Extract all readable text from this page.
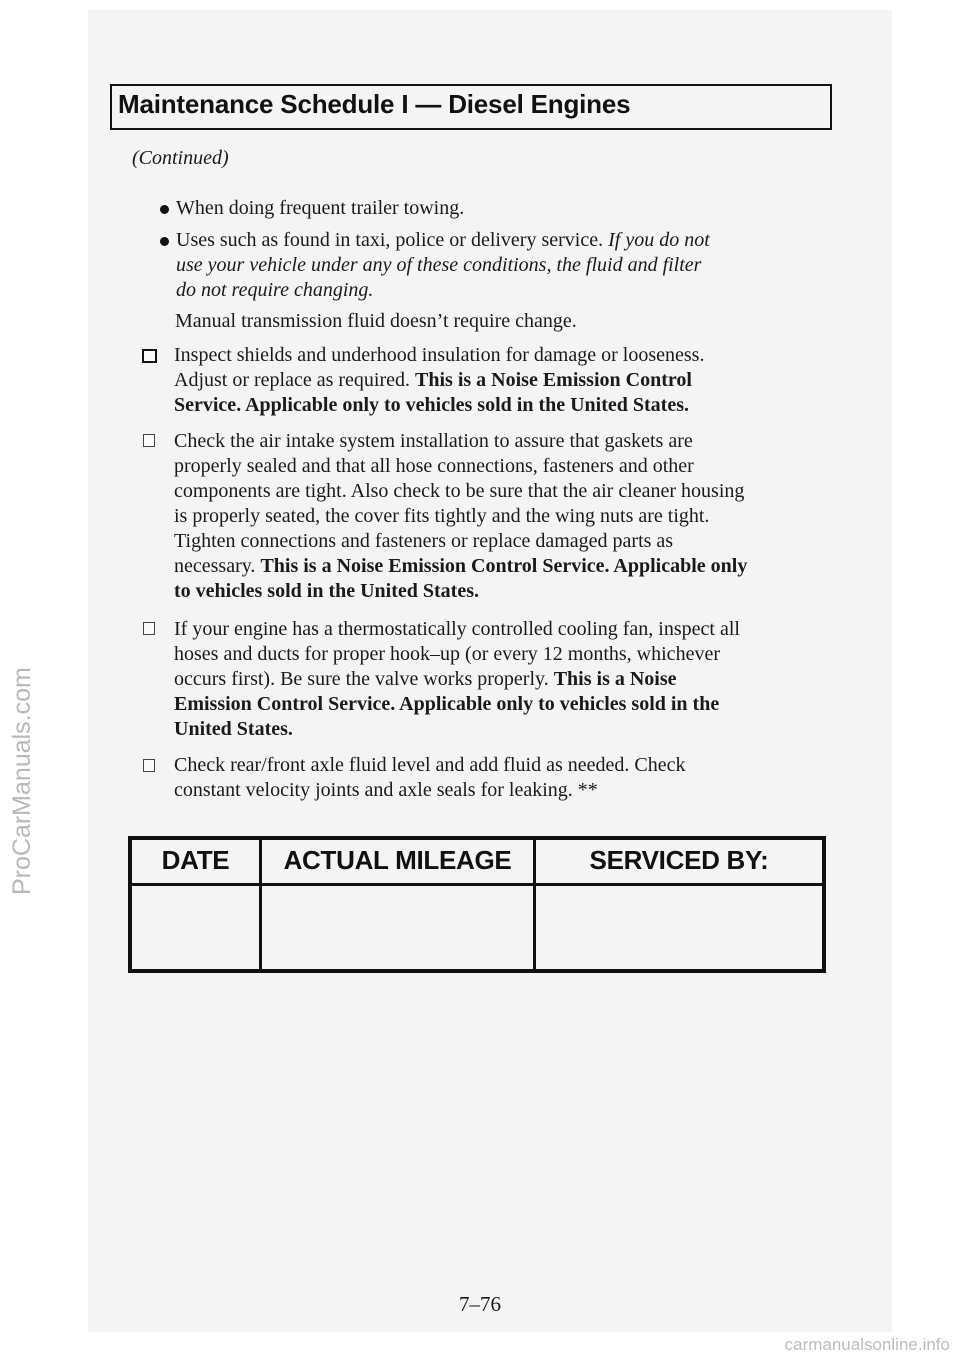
Maintenance Schedule I — Diesel Engines
(Continued)
When doing frequent trailer towing.
Uses such as found in taxi, police or delivery service. If you do not
use your vehicle under any of these conditions, the fluid and filter
do not require changing.
Manual transmission fluid doesn’t require change.
Inspect shields and underhood insulation for damage or looseness.
Adjust or replace as required. This is a Noise Emission Control
Service. Applicable only to vehicles sold in the United States.
Check the air intake system installation to assure that gaskets are
properly sealed and that all hose connections, fasteners and other
components are tight. Also check to be sure that the air cleaner housing
is properly seated, the cover fits tightly and the wing nuts are tight.
Tighten connections and fasteners or replace damaged parts as
necessary. This is a Noise Emission Control Service. Applicable only
to vehicles sold in the United States.
If your engine has a thermostatically controlled cooling fan, inspect all
hoses and ducts for proper hook–up (or every 12 months, whichever
occurs first). Be sure the valve works properly. This is a Noise
Emission Control Service. Applicable only to vehicles sold in the
United States.
Check rear/front axle fluid level and add fluid as needed. Check
constant velocity joints and axle seals for leaking. **
DATE	ACTUAL MILEAGE	SERVICED BY:
7–76
ProCarManuals.com
carmanualsonline.info
